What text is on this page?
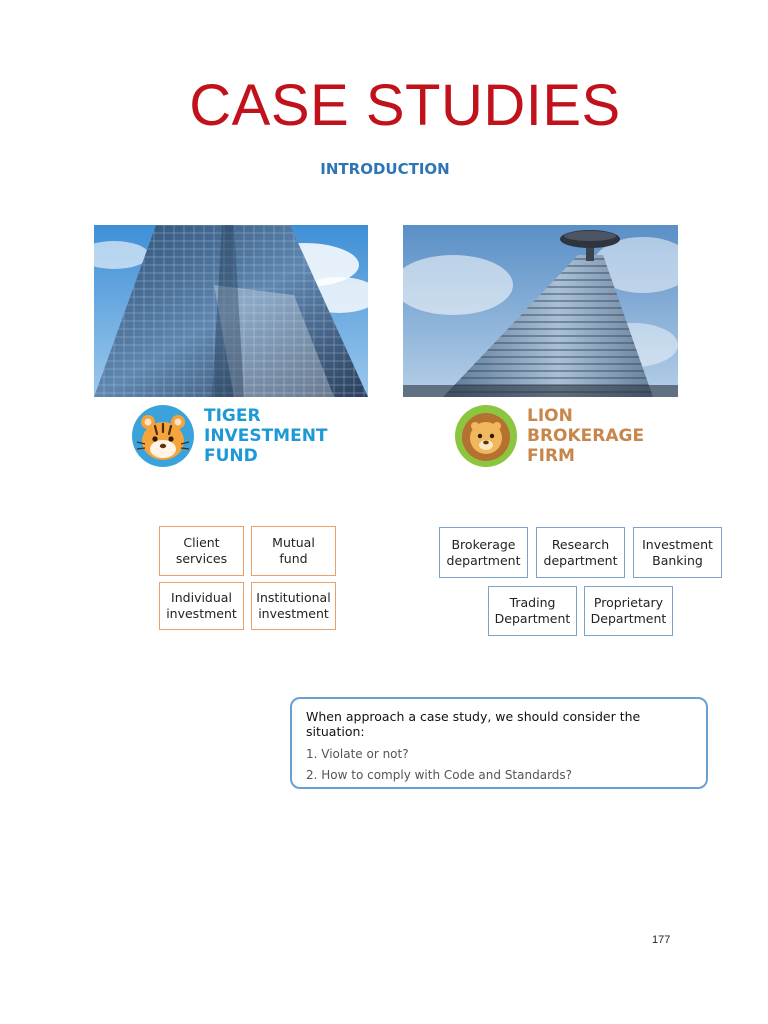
CASE STUDIES
INTRODUCTION
TIGER
INVESTMENT
FUND
LION
BROKERAGE
FIRM
Client
services
Mutual
fund
Individual
investment
Institutional
investment
Brokerage
department
Research
department
Investment
Banking
Trading
Department
Proprietary
Department
When approach a case study, we should consider the situation:
1. Violate or not?
2. How to comply with Code and Standards?
177
